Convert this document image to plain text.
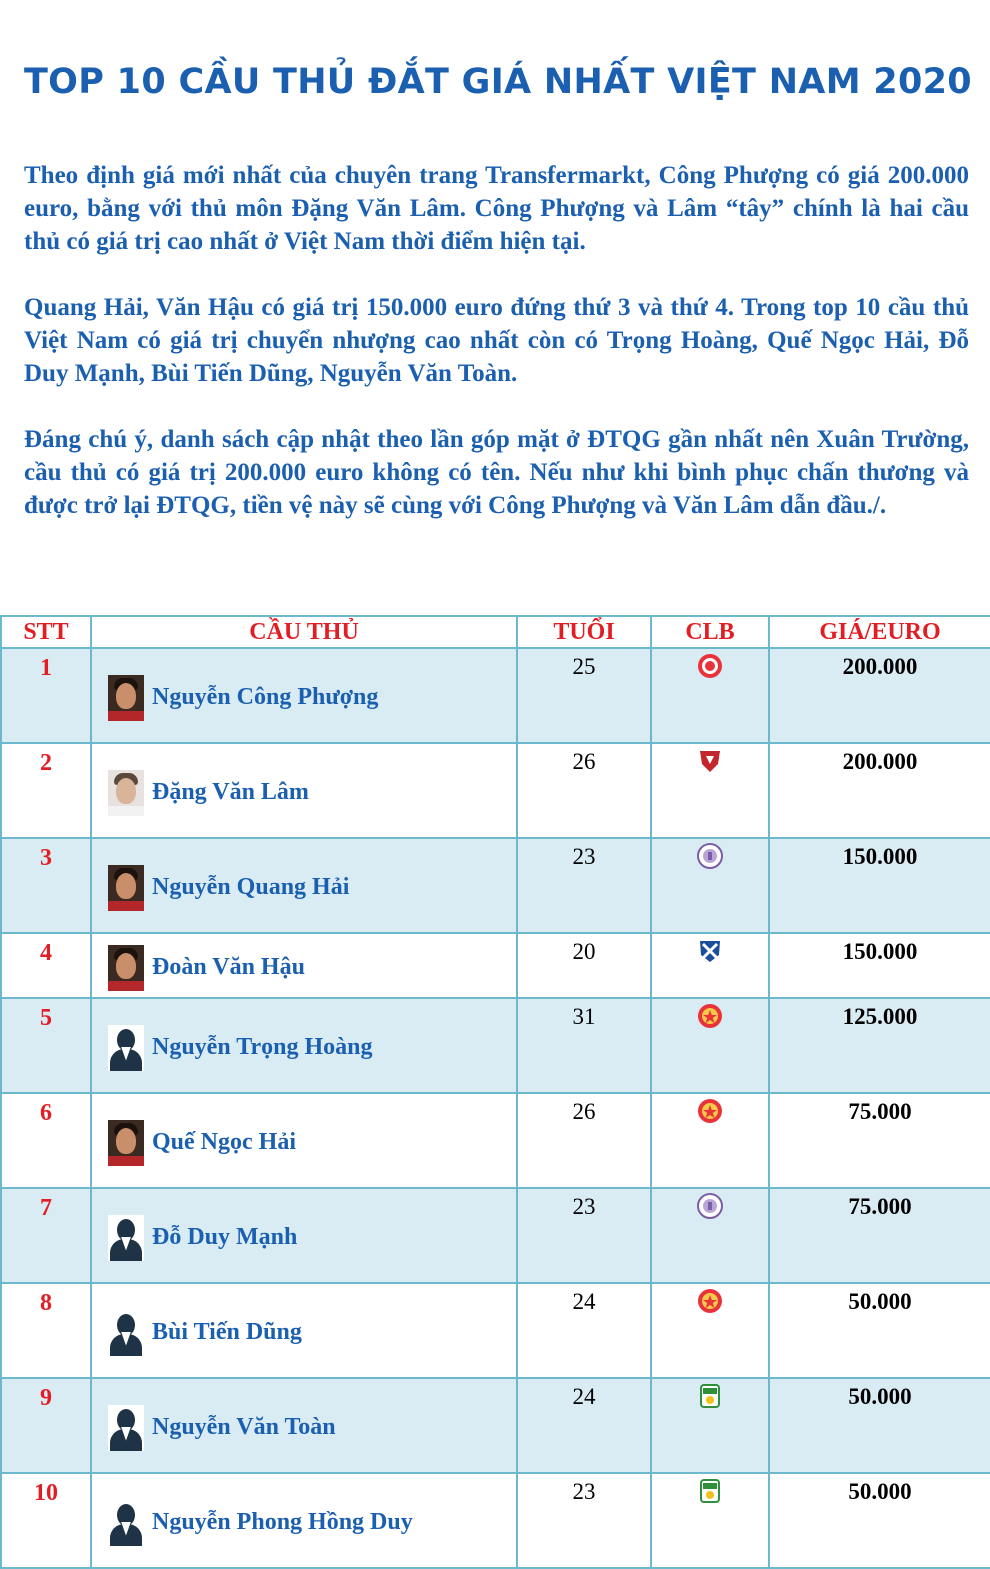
TOP 10 CẦU THỦ ĐẮT GIÁ NHẤT VIỆT NAM 2020

Theo định giá mới nhất của chuyên trang Transfermarkt, Công Phượng có giá 200.000 euro, bằng với thủ môn Đặng Văn Lâm. Công Phượng và Lâm “tây” chính là hai cầu thủ có giá trị cao nhất ở Việt Nam thời điểm hiện tại.

Quang Hải, Văn Hậu có giá trị 150.000 euro đứng thứ 3 và thứ 4. Trong top 10 cầu thủ Việt Nam có giá trị chuyển nhượng cao nhất còn có Trọng Hoàng, Quế Ngọc Hải, Đỗ Duy Mạnh, Bùi Tiến Dũng, Nguyễn Văn Toàn.

Đáng chú ý, danh sách cập nhật theo lần góp mặt ở ĐTQG gần nhất nên Xuân Trường, cầu thủ có giá trị 200.000 euro không có tên. Nếu như khi bình phục chấn thương và được trở lại ĐTQG, tiền vệ này sẽ cùng với Công Phượng và Văn Lâm dẫn đầu./.

STT	CẦU THỦ	TUỔI	CLB	GIÁ/EURO
1	Nguyễn Công Phượng	25		200.000
2	Đặng Văn Lâm	26		200.000
3	Nguyễn Quang Hải	23		150.000
4	Đoàn Văn Hậu	20		150.000
5	Nguyễn Trọng Hoàng	31		125.000
6	Quế Ngọc Hải	26		75.000
7	Đỗ Duy Mạnh	23		75.000
8	Bùi Tiến Dũng	24		50.000
9	Nguyễn Văn Toàn	24		50.000
10	Nguyễn Phong Hồng Duy	23		50.000
